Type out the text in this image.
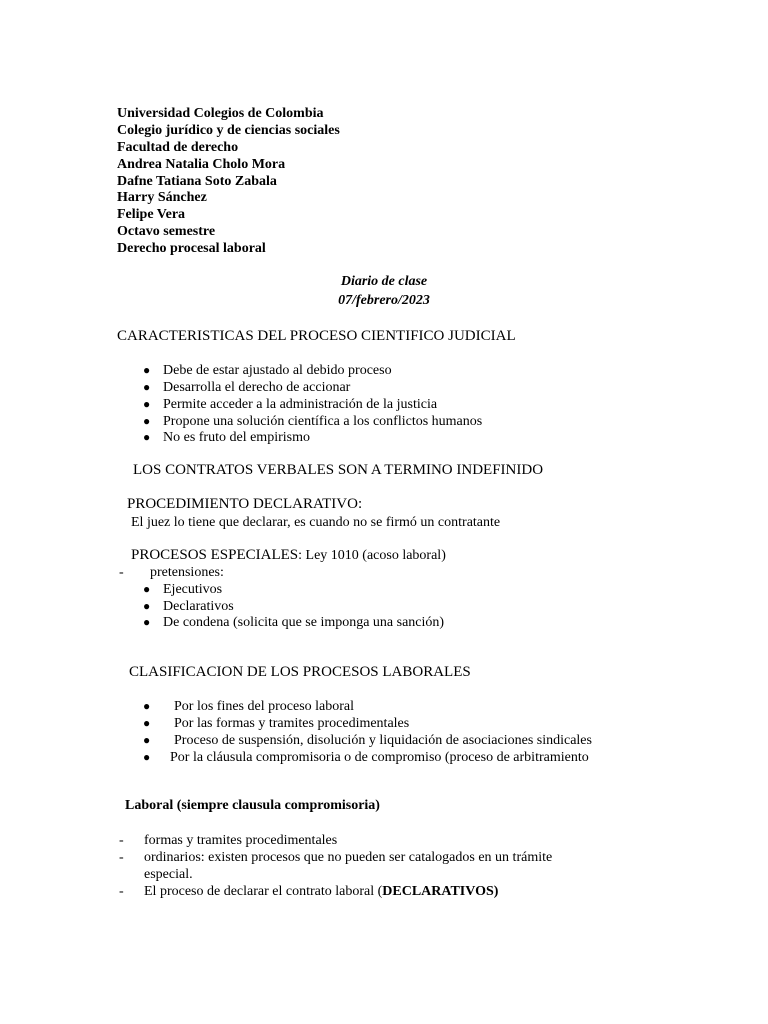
Universidad Colegios de Colombia
Colegio jurídico y de ciencias sociales
Facultad de derecho
Andrea Natalia Cholo Mora
Dafne Tatiana Soto Zabala
Harry Sánchez
Felipe Vera
Octavo semestre
Derecho procesal laboral
Diario de clase
07/febrero/2023
CARACTERISTICAS DEL PROCESO CIENTIFICO JUDICIAL
● Debe de estar ajustado al debido proceso
● Desarrolla el derecho de accionar
● Permite acceder a la administración de la justicia
● Propone una solución científica a los conflictos humanos
● No es fruto del empirismo
LOS CONTRATOS VERBALES SON A TERMINO INDEFINIDO
PROCEDIMIENTO DECLARATIVO:
El juez lo tiene que declarar, es cuando no se firmó un contratante
PROCESOS ESPECIALES: Ley 1010 (acoso laboral)
- pretensiones:
● Ejecutivos
● Declarativos
● De condena (solicita que se imponga una sanción)
CLASIFICACION DE LOS PROCESOS LABORALES
● Por los fines del proceso laboral
● Por las formas y tramites procedimentales
● Proceso de suspensión, disolución y liquidación de asociaciones sindicales
● Por la cláusula compromisoria o de compromiso (proceso de arbitramiento
Laboral (siempre clausula compromisoria)
- formas y tramites procedimentales
- ordinarios: existen procesos que no pueden ser catalogados en un trámite
especial.
- El proceso de declarar el contrato laboral (DECLARATIVOS)
